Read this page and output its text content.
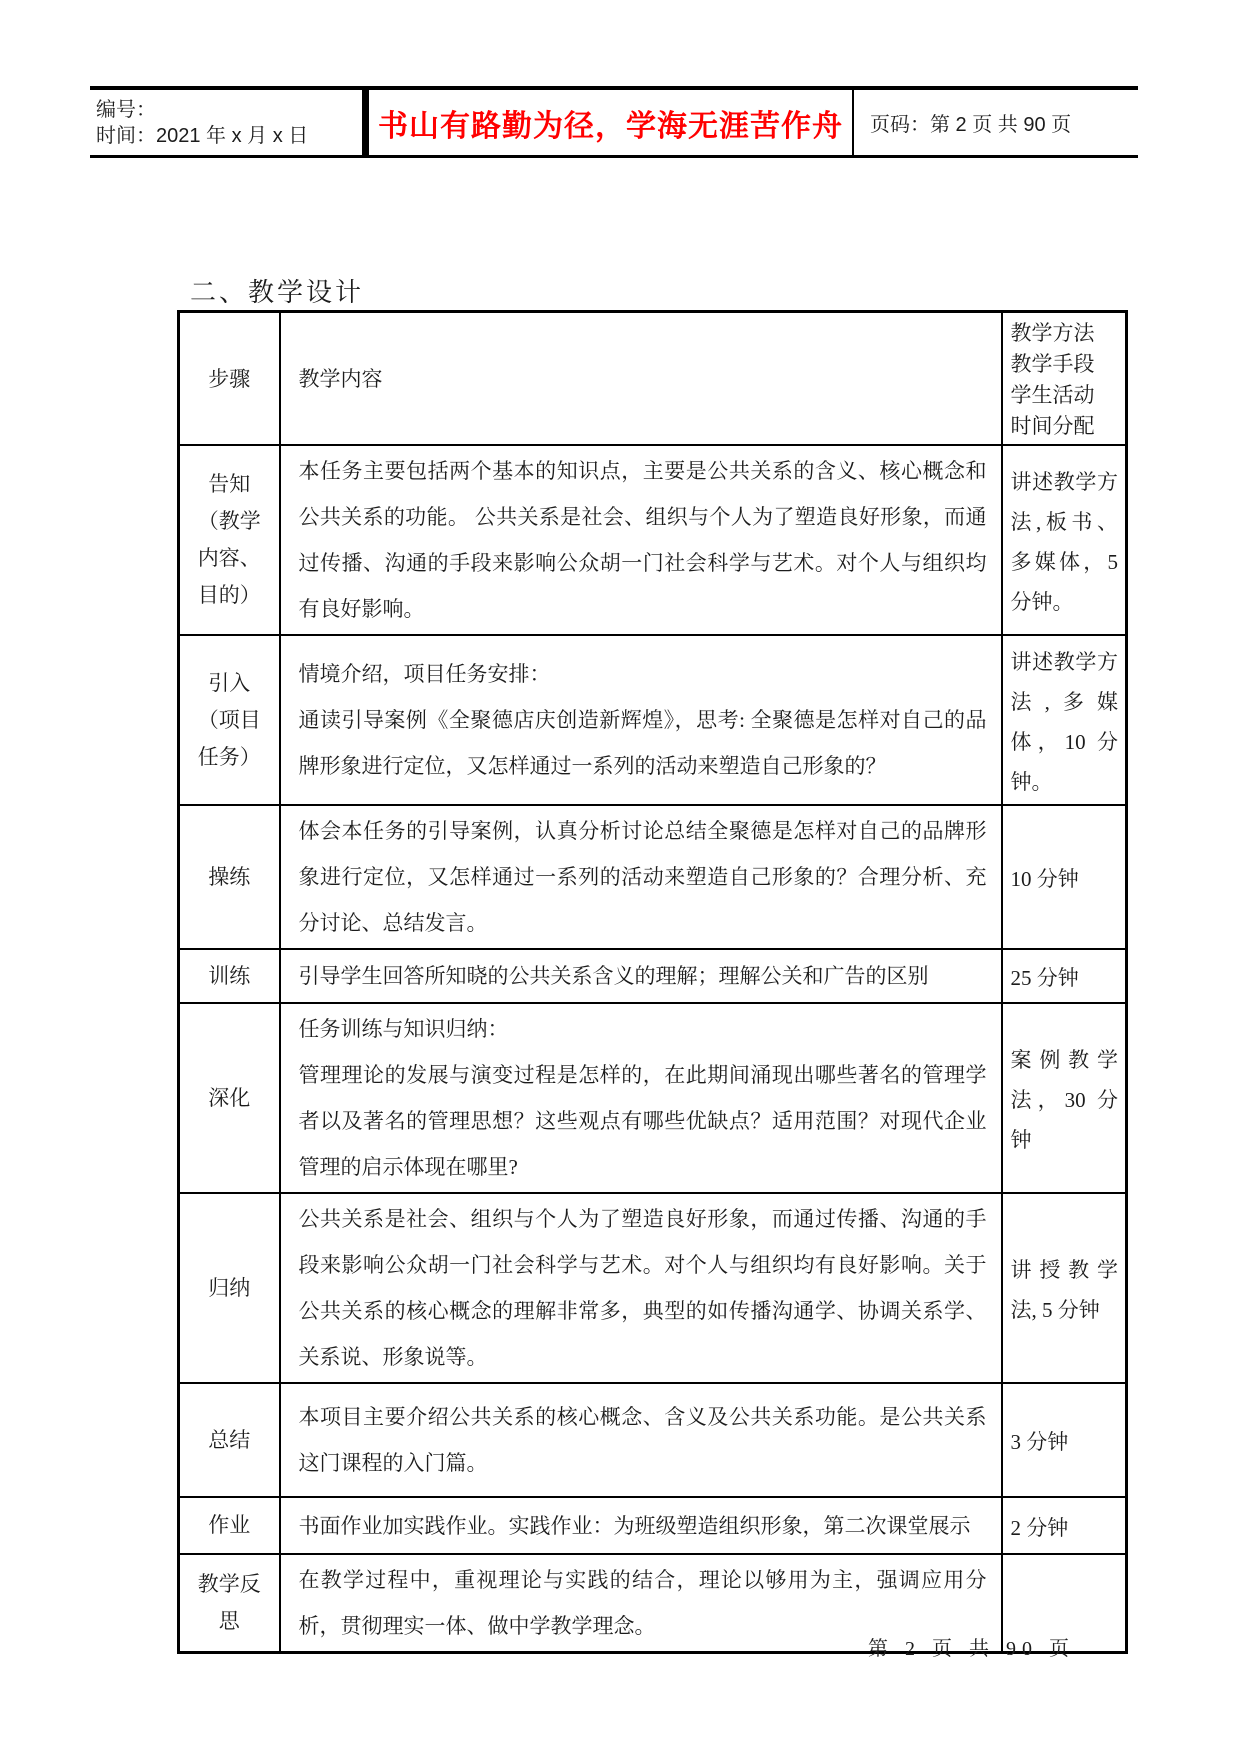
编号：
时间：2021 年 x 月 x 日	书山有路勤为径，学海无涯苦作舟	页码：第 2 页 共 90 页
二、教学设计
步骤	教学内容	教学方法
教学手段
学生活动
时间分配

告知（教学内容、目的）	本任务主要包括两个基本的知识点，主要是公共关系的含义、核心概念和公共关系的功能。 公共关系是社会、组织与个人为了塑造良好形象，而通过传播、沟通的手段来影响公众胡一门社会科学与艺术。对个人与组织均有良好影响。	讲述教学方法,板书、多媒体，5分钟。
引入（项目任务）	情境介绍，项目任务安排：

通读引导案例《全聚德店庆创造新辉煌》，思考: 全聚德是怎样对自己的品牌形象进行定位，又怎样通过一系列的活动来塑造自己形象的？	讲述教学方法,多媒体，10 分钟。
操练	体会本任务的引导案例，认真分析讨论总结全聚德是怎样对自己的品牌形象进行定位，又怎样通过一系列的活动来塑造自己形象的？合理分析、充分讨论、总结发言。	10 分钟
训练	引导学生回答所知晓的公共关系含义的理解；理解公关和广告的区别	25 分钟
深化	任务训练与知识归纳：

管理理论的发展与演变过程是怎样的，在此期间涌现出哪些著名的管理学者以及著名的管理思想？这些观点有哪些优缺点？适用范围？对现代企业管理的启示体现在哪里?	案例教学法，30 分钟
归纳	公共关系是社会、组织与个人为了塑造良好形象，而通过传播、沟通的手段来影响公众胡一门社会科学与艺术。对个人与组织均有良好影响。关于公共关系的核心概念的理解非常多，典型的如传播沟通学、协调关系学、关系说、形象说等。	讲授教学法, 5 分钟
总结	本项目主要介绍公共关系的核心概念、含义及公共关系功能。是公共关系这门课程的入门篇。	3 分钟
作业	书面作业加实践作业。实践作业：为班级塑造组织形象，第二次课堂展示	2 分钟
教学反思	在教学过程中，重视理论与实践的结合，理论以够用为主，强调应用分析，贯彻理实一体、做中学教学理念。	

第 2 页 共 90 页
